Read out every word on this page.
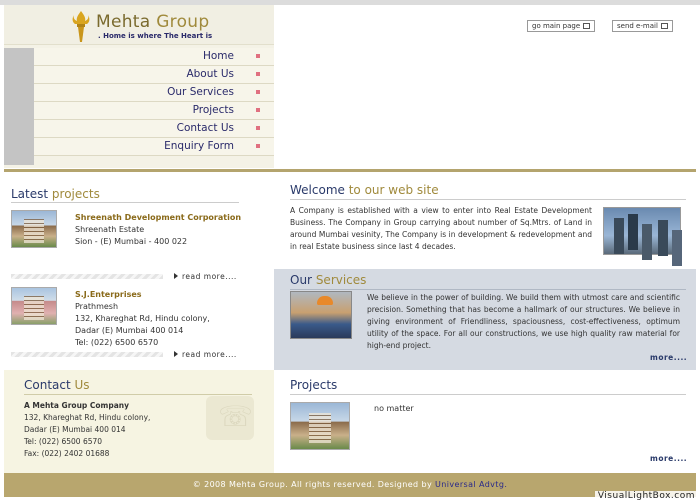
Mehta Group
. Home is where The Heart is
Home
About Us
Our Services
Projects
Contact Us
Enquiry Form
go main page	send e-mail
Latest projects
Shreenath Development Corporation
Shreenath Estate
Sion - (E) Mumbai - 400 022
read more....
S.J.Enterprises
Prathmesh
132, Khareghat Rd, Hindu colony,
Dadar (E) Mumbai 400 014
Tel: (022) 6500 6570
read more....
Contact Us
A Mehta Group Company
132, Khareghat Rd, Hindu colony,
Dadar (E) Mumbai 400 014
Tel: (022) 6500 6570
Fax: (022) 2402 01688
☏
Welcome to our web site
A Company is established with a view to enter into Real Estate Development Business. The Company in Group carrying about number of Sq.Mtrs. of Land in around Mumbai vesinity, The Company is in development & redevelopment and in real Estate business since last 4 decades.
Our Services
We believe in the power of building. We build them with utmost care and scientific precision. Something that has become a hallmark of our structures. We believe in giving environment of Friendliness, spaciousness, cost-effectiveness, optimum utility of the space. For all our constructions, we use high quality raw material for high-end project.
more....
Projects
no matter
more....
© 2008 Mehta Group. All rights reserved. Designed by Universal Advtg.
VisualLightBox.com
